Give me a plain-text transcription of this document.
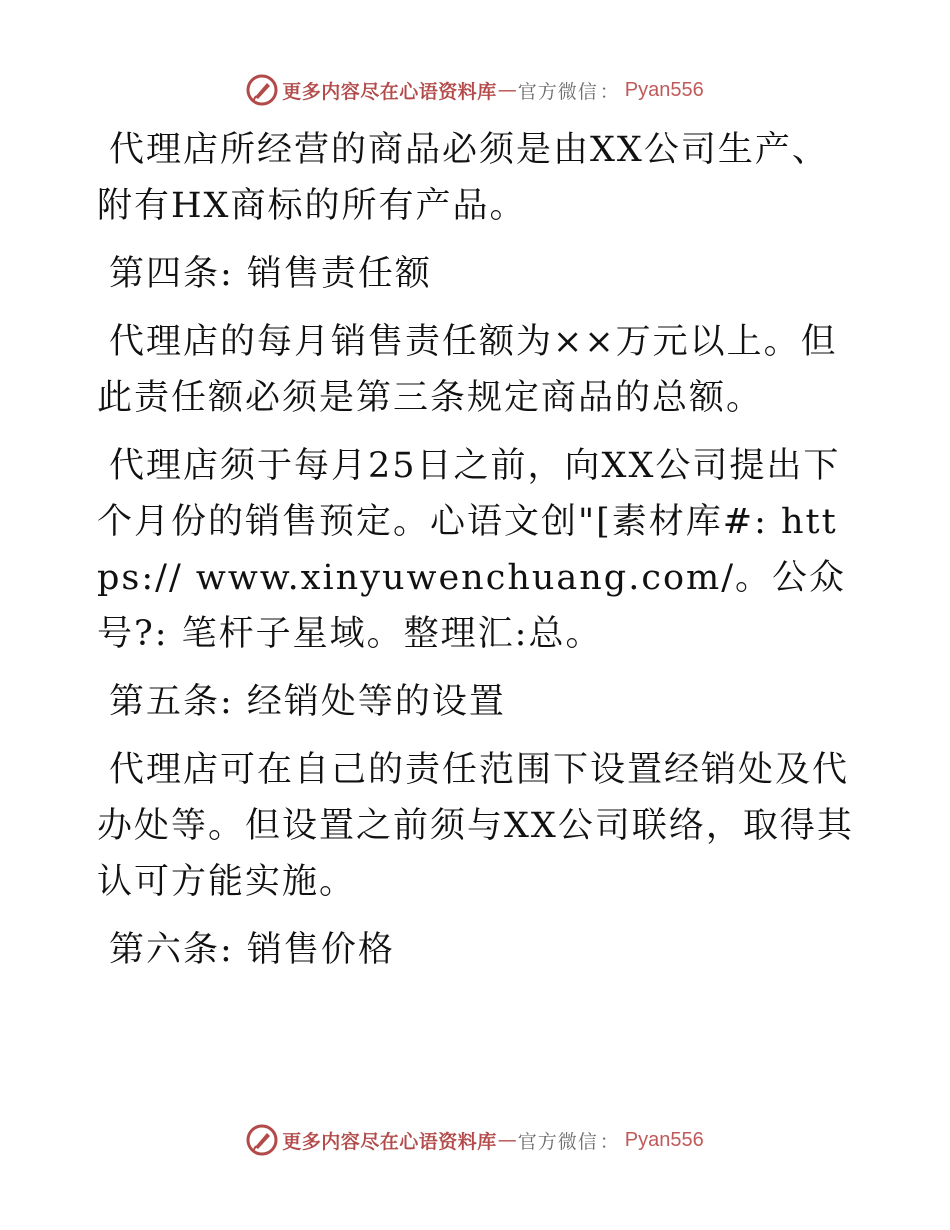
更多内容尽在心语资料库 — 官方微信 ： Pyan556

代理店所经营的商品必须是由XX公司生产、附有HX商标的所有产品。

第四条: 销售责任额

代理店的每月销售责任额为××万元以上。但此责任额必须是第三条规定商品的总额。

代理店须于每月25日之前，向XX公司提出下个月份的销售预定。心语文创"[素材库#: https:// www.xinyuwenchuang.com/。公众号?: 笔杆子星域。整理汇:总。

第五条: 经销处等的设置

代理店可在自己的责任范围下设置经销处及代办处等。但设置之前须与XX公司联络，取得其认可方能实施。

第六条: 销售价格

更多内容尽在心语资料库 — 官方微信 ： Pyan556
